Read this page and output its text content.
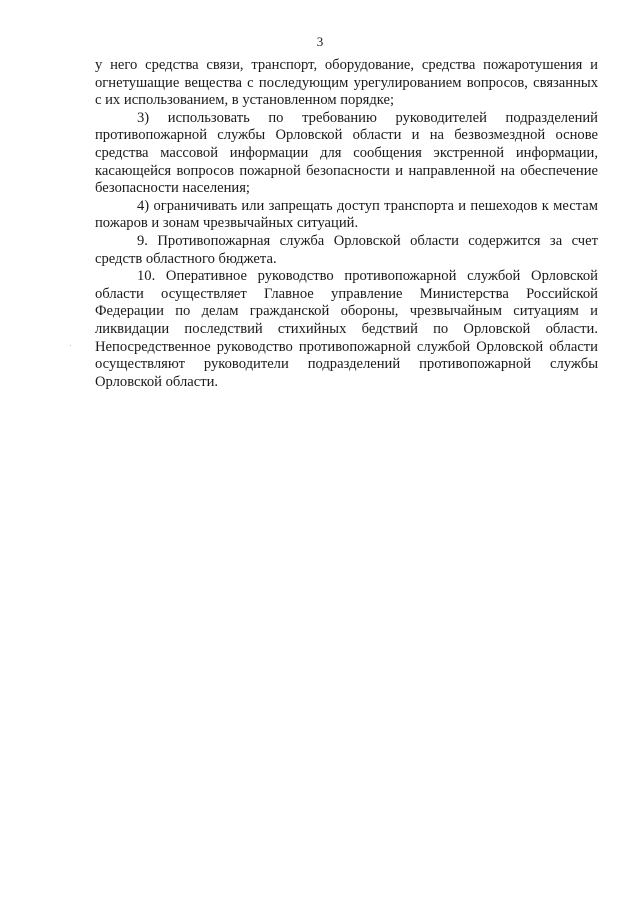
3

у него средства связи, транспорт, оборудование, средства пожаротушения и огнетушащие вещества с последующим урегулированием вопросов, связанных с их использованием, в установленном порядке;

3) использовать по требованию руководителей подразделений противопожарной службы Орловской области и на безвозмездной основе средства массовой информации для сообщения экстренной информации, касающейся вопросов пожарной безопасности и направленной на обеспечение безопасности населения;

4) ограничивать или запрещать доступ транспорта и пешеходов к местам пожаров и зонам чрезвычайных ситуаций.

9. Противопожарная служба Орловской области содержится за счет средств областного бюджета.

10. Оперативное руководство противопожарной службой Орловской области осуществляет Главное управление Министерства Российской Федерации по делам гражданской обороны, чрезвычайным ситуациям и ликвидации последствий стихийных бедствий по Орловской области. Непосредственное руководство противопожарной службой Орловской области осуществляют руководители подразделений противопожарной службы Орловской области.
